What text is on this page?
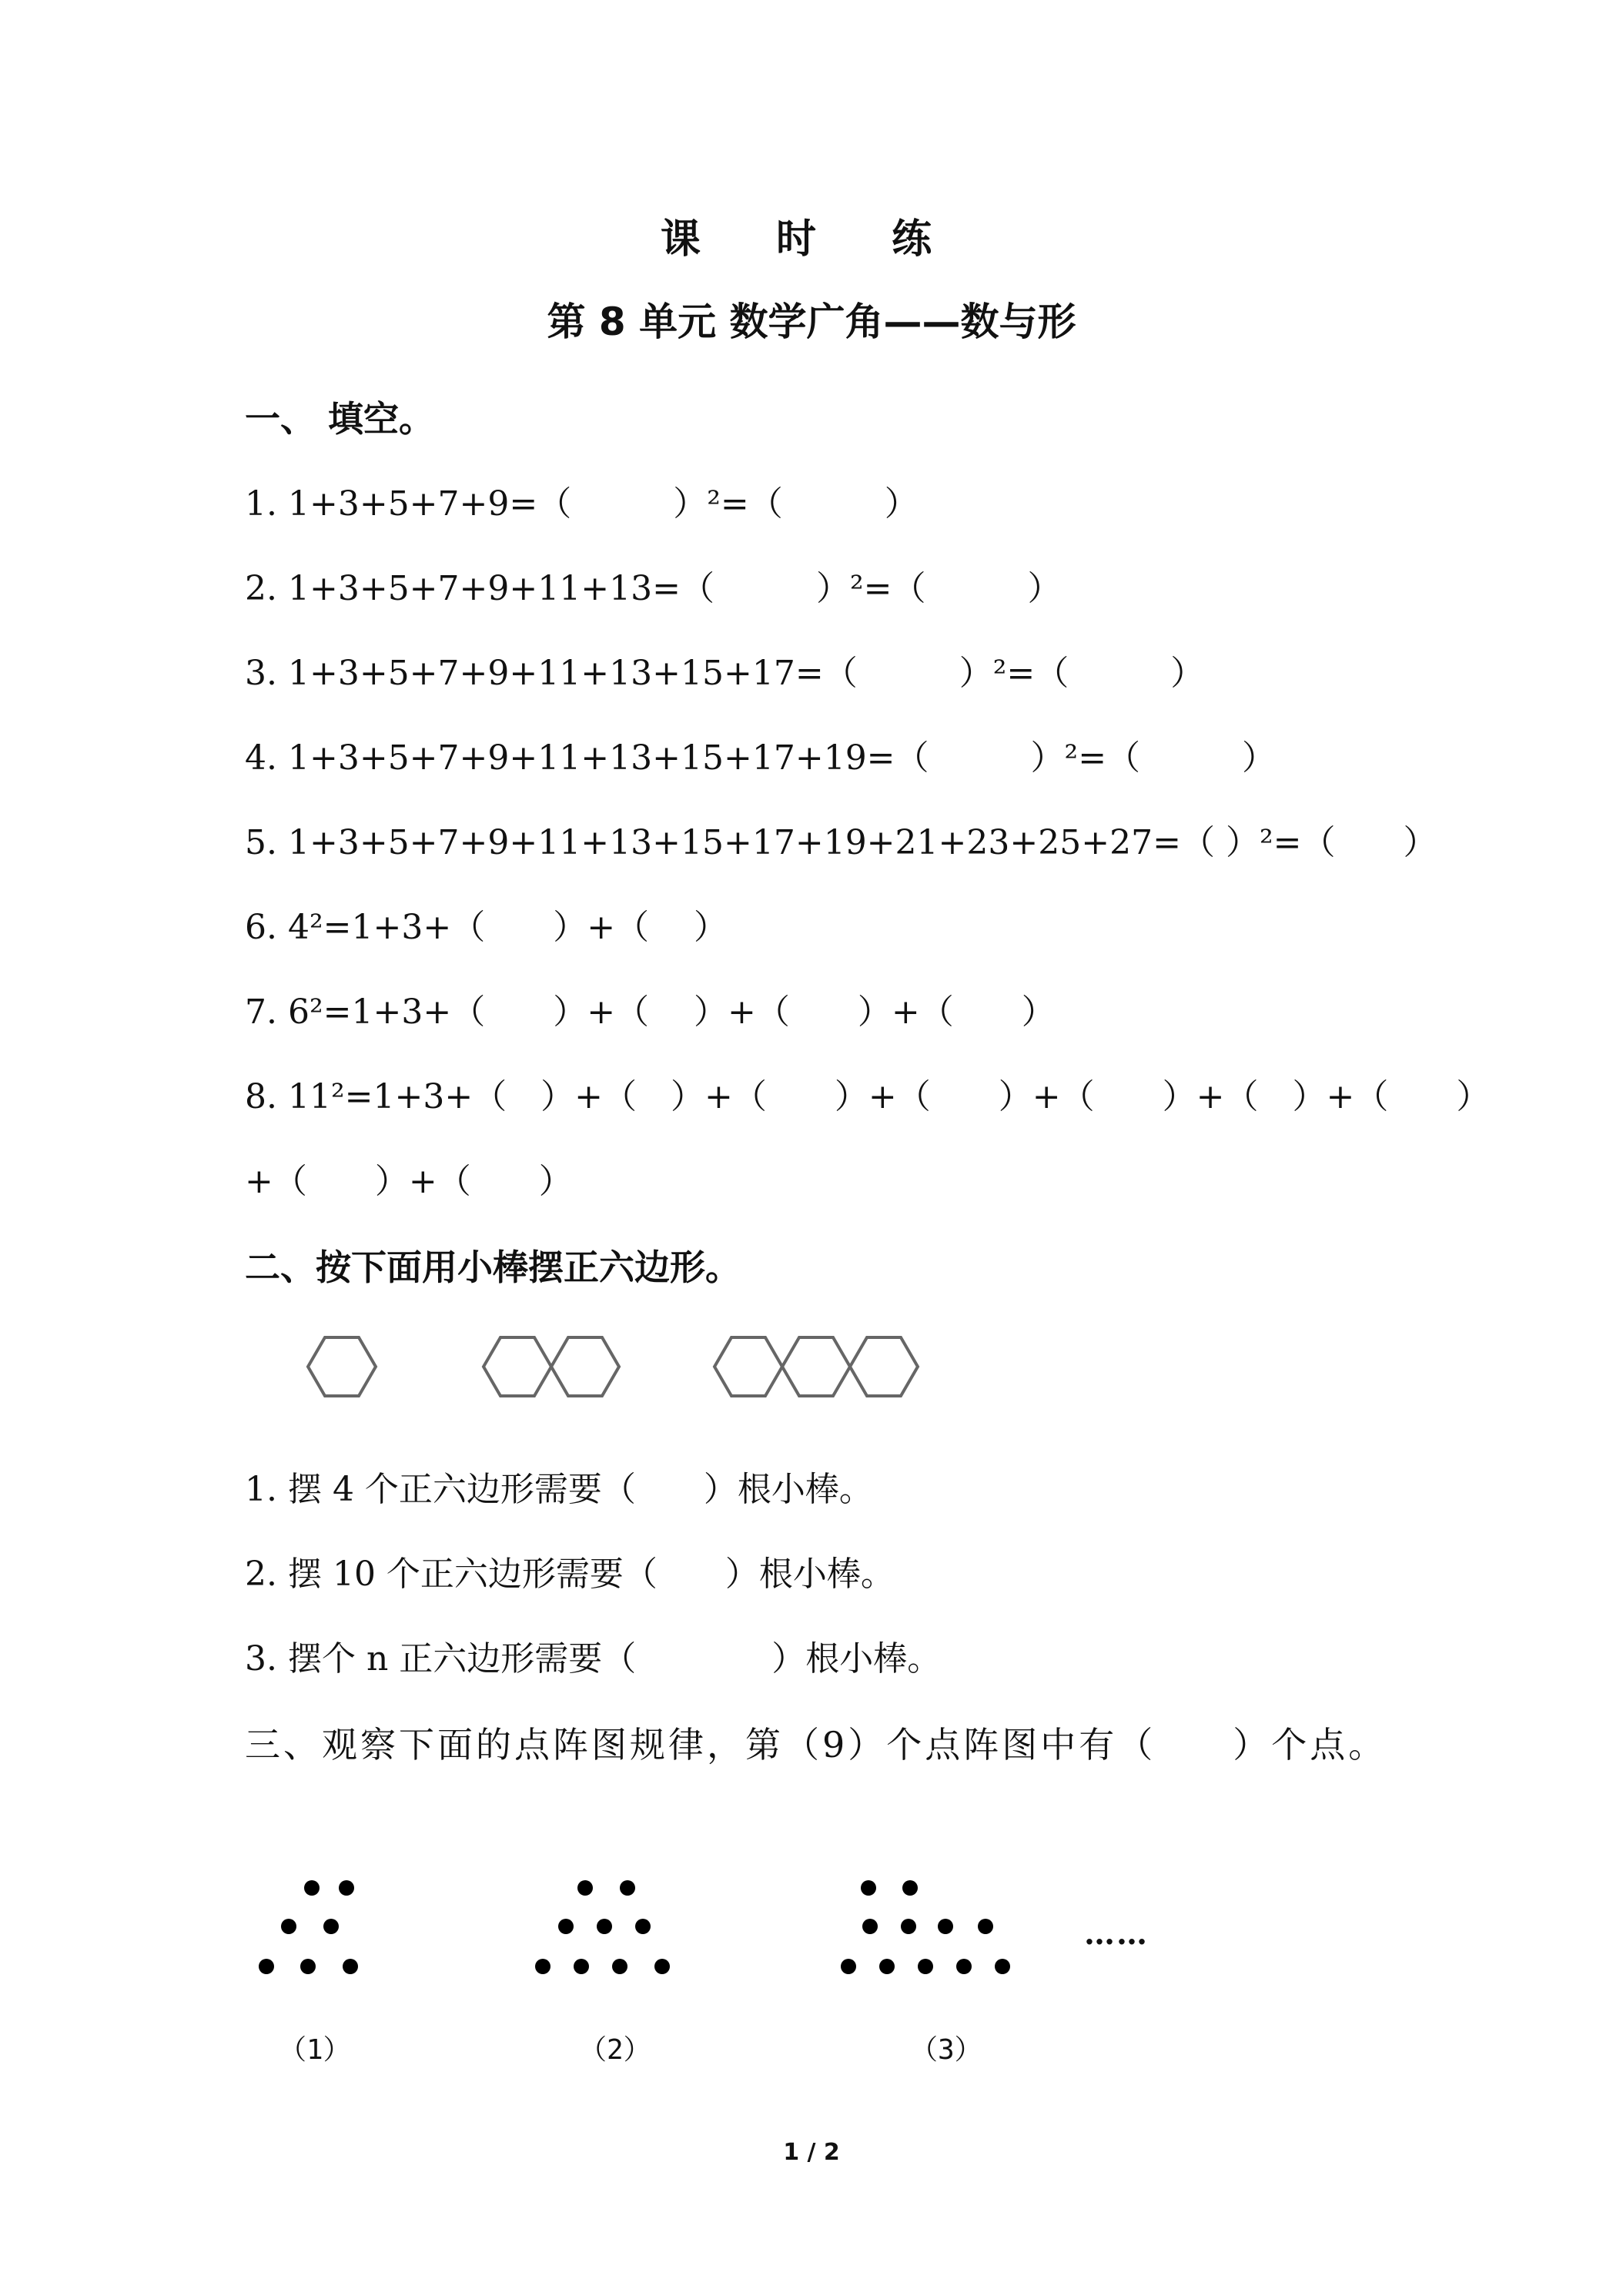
课 时 练
第 8 单元 数学广角——数与形
一、 填空。
1. 1+3+5+7+9=（　　　）²=（　　　）
2. 1+3+5+7+9+11+13=（　　　）²=（　　　）
3. 1+3+5+7+9+11+13+15+17=（　　　）²=（　　　）
4. 1+3+5+7+9+11+13+15+17+19=（　　　）²=（　　　）
5. 1+3+5+7+9+11+13+15+17+19+21+23+25+27=（ ）²=（　　）
6. 4²=1+3+（　　）+（　 ）
7. 6²=1+3+（　　）+（　 ）+（　　）+（　　）
8. 11²=1+3+（　）+（　）+（　　）+（　　）+（　　）+（　）+（　　）
+（　　）+（　　）
二、按下面用小棒摆正六边形。
1. 摆 4 个正六边形需要（　　）根小棒。
2. 摆 10 个正六边形需要（　　）根小棒。
3. 摆个 n 正六边形需要（　　　　）根小棒。
三、观察下面的点阵图规律，第（9）个点阵图中有（　　）个点。
……
（1）	（2）	（3）
1 / 2
